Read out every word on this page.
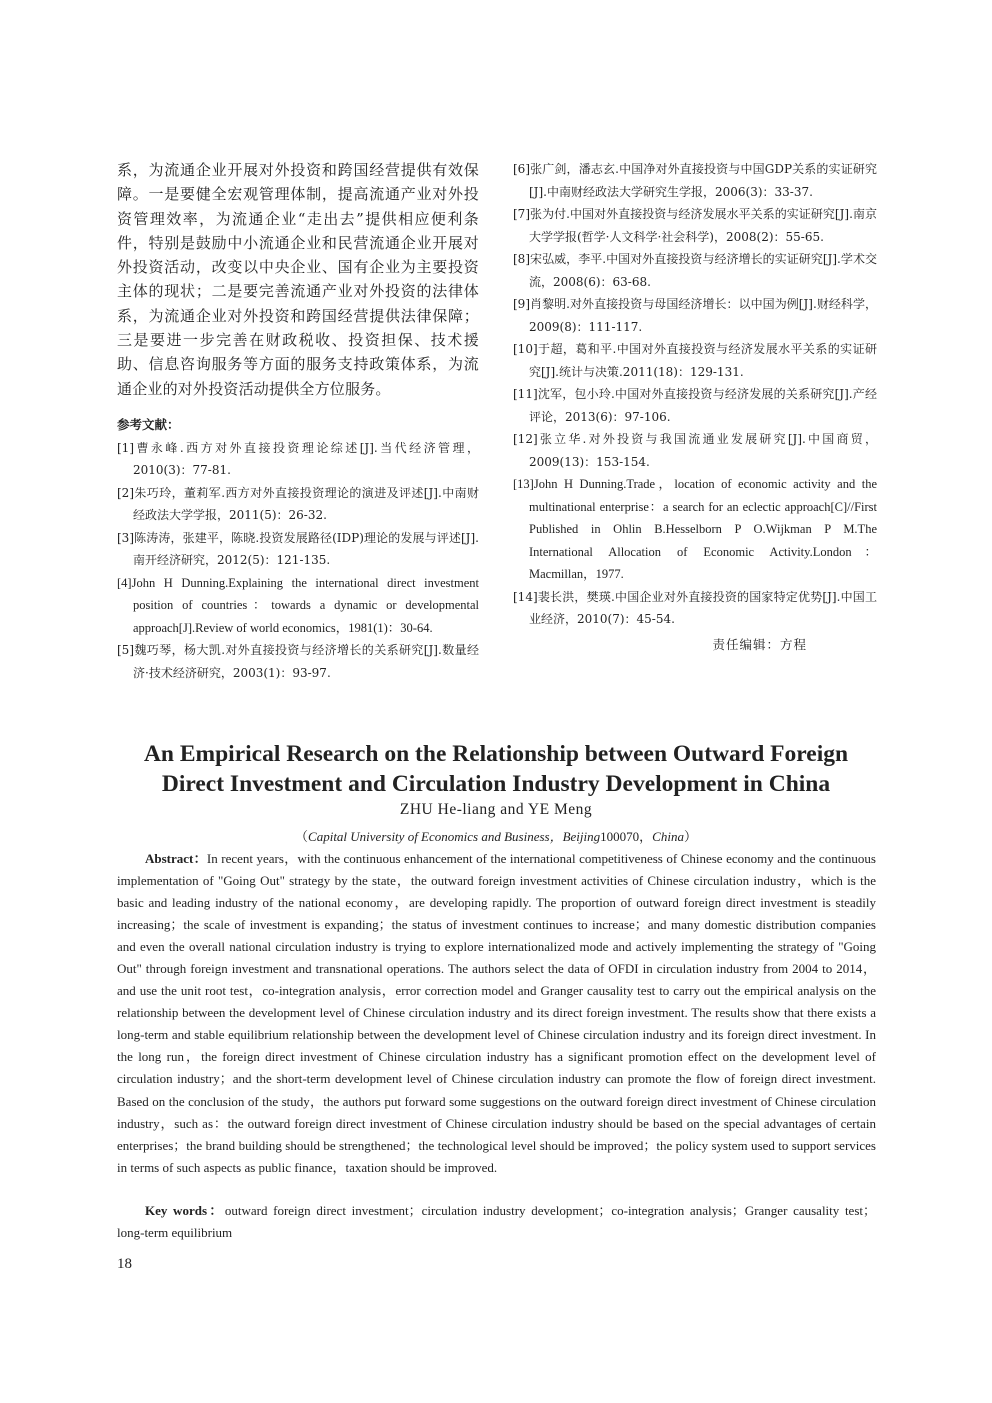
系，为流通企业开展对外投资和跨国经营提供有效保障。一是要健全宏观管理体制，提高流通产业对外投资管理效率，为流通企业“走出去”提供相应便利条件，特别是鼓励中小流通企业和民营流通企业开展对外投资活动，改变以中央企业、国有企业为主要投资主体的现状；二是要完善流通产业对外投资的法律体系，为流通企业对外投资和跨国经营提供法律保障；三是要进一步完善在财政税收、投资担保、技术援助、信息咨询服务等方面的服务支持政策体系，为流通企业的对外投资活动提供全方位服务。

参考文献：

[1]曹永峰.西方对外直接投资理论综述[J].当代经济管理，2010(3)：77-81.

[2]朱巧玲，董莉军.西方对外直接投资理论的演进及评述[J].中南财经政法大学学报，2011(5)：26-32.

[3]陈涛涛，张建平，陈晓.投资发展路径(IDP)理论的发展与评述[J].南开经济研究，2012(5)：121-135.

[4]John H Dunning.Explaining the international direct investment position of countries：towards a dynamic or developmental approach[J].Review of world economics，1981(1)：30-64.

[5]魏巧琴，杨大凯.对外直接投资与经济增长的关系研究[J].数量经济·技术经济研究，2003(1)：93-97.

[6]张广剑，潘志玄.中国净对外直接投资与中国GDP关系的实证研究[J].中南财经政法大学研究生学报，2006(3)：33-37.

[7]张为付.中国对外直接投资与经济发展水平关系的实证研究[J].南京大学学报(哲学·人文科学·社会科学)，2008(2)：55-65.

[8]宋弘威，李平.中国对外直接投资与经济增长的实证研究[J].学术交流，2008(6)：63-68.

[9]肖黎明.对外直接投资与母国经济增长：以中国为例[J].财经科学，2009(8)：111-117.

[10]于超，葛和平.中国对外直接投资与经济发展水平关系的实证研究[J].统计与决策.2011(18)：129-131.

[11]沈军，包小玲.中国对外直接投资与经济发展的关系研究[J].产经评论，2013(6)：97-106.

[12]张立华.对外投资与我国流通业发展研究[J].中国商贸，2009(13)：153-154.

[13]John H Dunning.Trade，location of economic activity and the multinational enterprise：a search for an eclectic approach[C]//First Published in Ohlin B.Hesselborn P O.Wijkman P M.The International Allocation of Economic Activity.London：Macmillan，1977.

[14]裴长洪，樊瑛.中国企业对外直接投资的国家特定优势[J].中国工业经济，2010(7)：45-54.

责任编辑：方程
An Empirical Research on the Relationship between Outward Foreign
Direct Investment and Circulation Industry Development in China

ZHU He-liang and YE Meng

（Capital University of Economics and Business，Beijing100070，China）

Abstract：In recent years，with the continuous enhancement of the international competitiveness of Chinese economy and the continuous implementation of "Going Out" strategy by the state，the outward foreign investment activities of Chinese circulation industry，which is the basic and leading industry of the national economy，are developing rapidly. The proportion of outward foreign direct investment is steadily increasing；the scale of investment is expanding；the status of investment continues to increase；and many domestic distribution companies and even the overall national circulation industry is trying to explore internationalized mode and actively implementing the strategy of "Going Out" through foreign investment and transnational operations. The authors select the data of OFDI in circulation industry from 2004 to 2014，and use the unit root test，co-integration analysis，error correction model and Granger causality test to carry out the empirical analysis on the relationship between the development level of Chinese circulation industry and its direct foreign investment. The results show that there exists a long-term and stable equilibrium relationship between the development level of Chinese circulation industry and its foreign direct investment. In the long run，the foreign direct investment of Chinese circulation industry has a significant promotion effect on the development level of circulation industry；and the short-term development level of Chinese circulation industry can promote the flow of foreign direct investment. Based on the conclusion of the study，the authors put forward some suggestions on the outward foreign direct investment of Chinese circulation industry，such as：the outward foreign direct investment of Chinese circulation industry should be based on the special advantages of certain enterprises；the brand building should be strengthened；the technological level should be improved；the policy system used to support services in terms of such aspects as public finance，taxation should be improved.

Key words：outward foreign direct investment；circulation industry development；co-integration analysis；Granger causality test；long-term equilibrium

18
